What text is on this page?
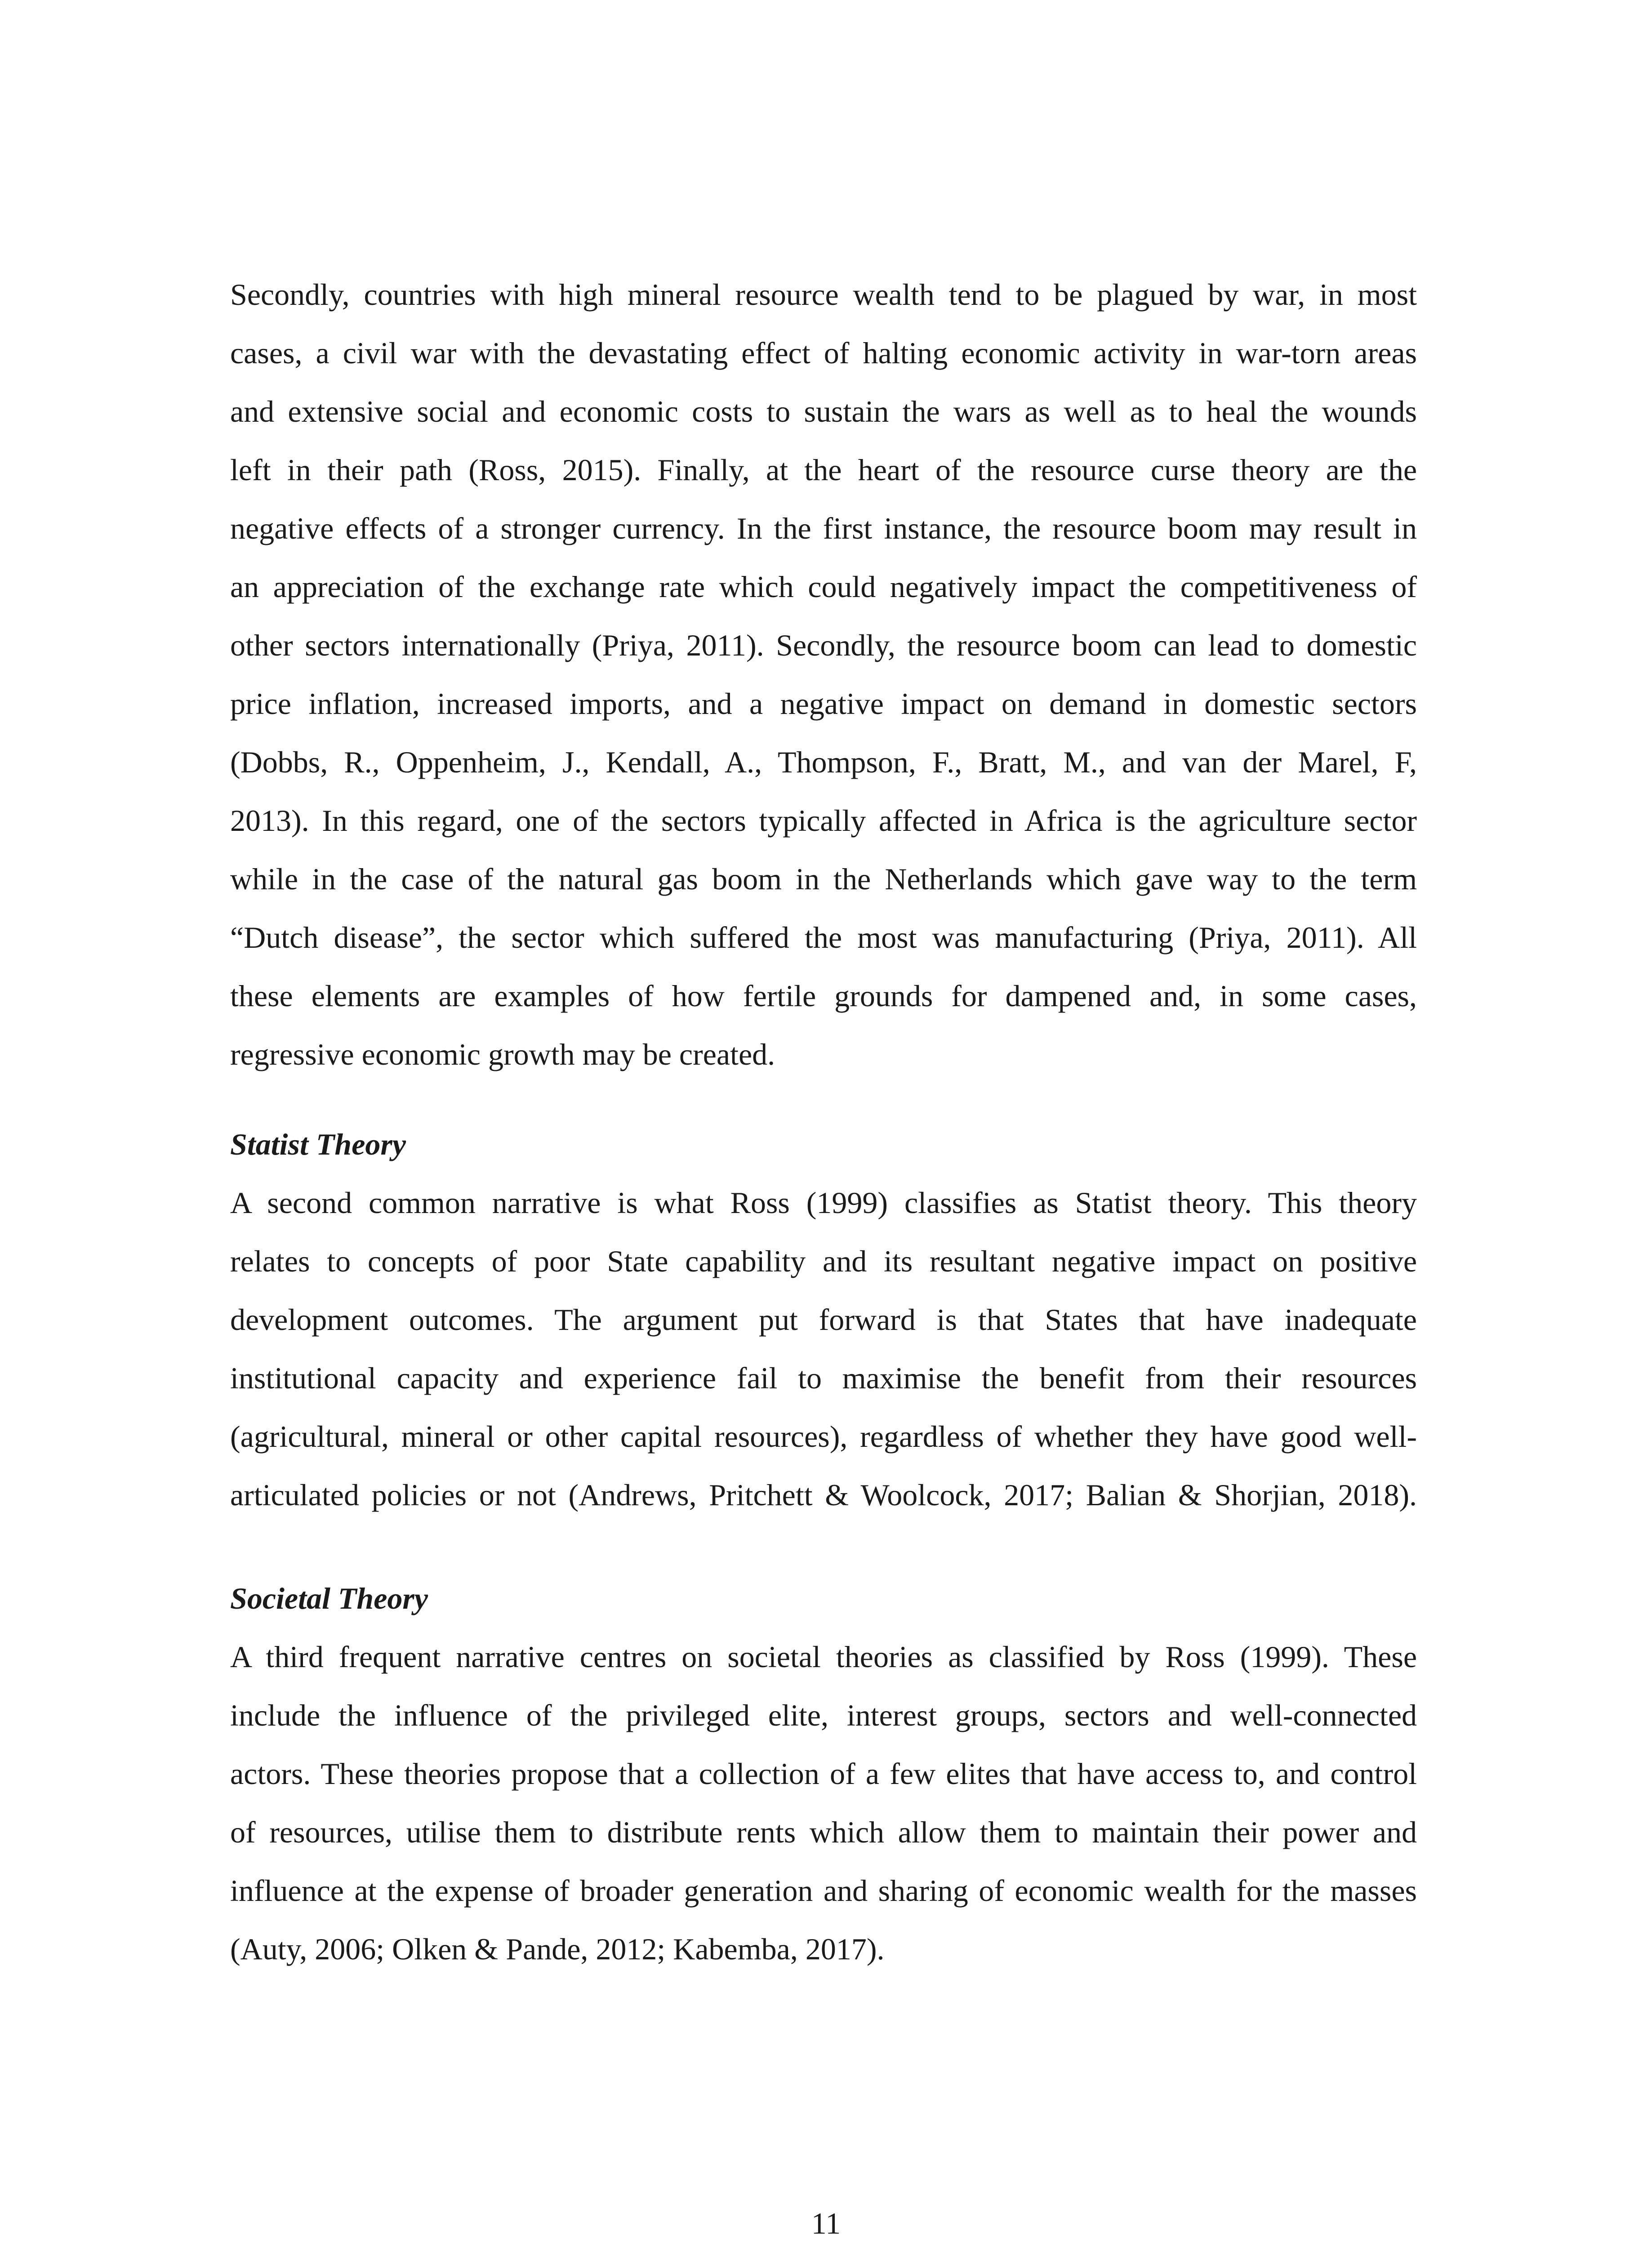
Secondly, countries with high mineral resource wealth tend to be plagued by war, in most
cases, a civil war with the devastating effect of halting economic activity in war-torn areas
and extensive social and economic costs to sustain the wars as well as to heal the wounds
left in their path (Ross, 2015). Finally, at the heart of the resource curse theory are the
negative effects of a stronger currency. In the first instance, the resource boom may result in
an appreciation of the exchange rate which could negatively impact the competitiveness of
other sectors internationally (Priya, 2011). Secondly, the resource boom can lead to domestic
price inflation, increased imports, and a negative impact on demand in domestic sectors
(Dobbs, R., Oppenheim, J., Kendall, A., Thompson, F., Bratt, M., and van der Marel, F,
2013). In this regard, one of the sectors typically affected in Africa is the agriculture sector
while in the case of the natural gas boom in the Netherlands which gave way to the term
“Dutch disease”, the sector which suffered the most was manufacturing (Priya, 2011). All
these elements are examples of how fertile grounds for dampened and, in some cases,
regressive economic growth may be created.
Statist Theory
A second common narrative is what Ross (1999) classifies as Statist theory. This theory
relates to concepts of poor State capability and its resultant negative impact on positive
development outcomes. The argument put forward is that States that have inadequate
institutional capacity and experience fail to maximise the benefit from their resources
(agricultural, mineral or other capital resources), regardless of whether they have good well-
articulated policies or not (Andrews, Pritchett & Woolcock, 2017; Balian & Shorjian, 2018).
Societal Theory
A third frequent narrative centres on societal theories as classified by Ross (1999). These
include the influence of the privileged elite, interest groups, sectors and well-connected
actors. These theories propose that a collection of a few elites that have access to, and control
of resources, utilise them to distribute rents which allow them to maintain their power and
influence at the expense of broader generation and sharing of economic wealth for the masses
(Auty, 2006; Olken & Pande, 2012; Kabemba, 2017).
11
